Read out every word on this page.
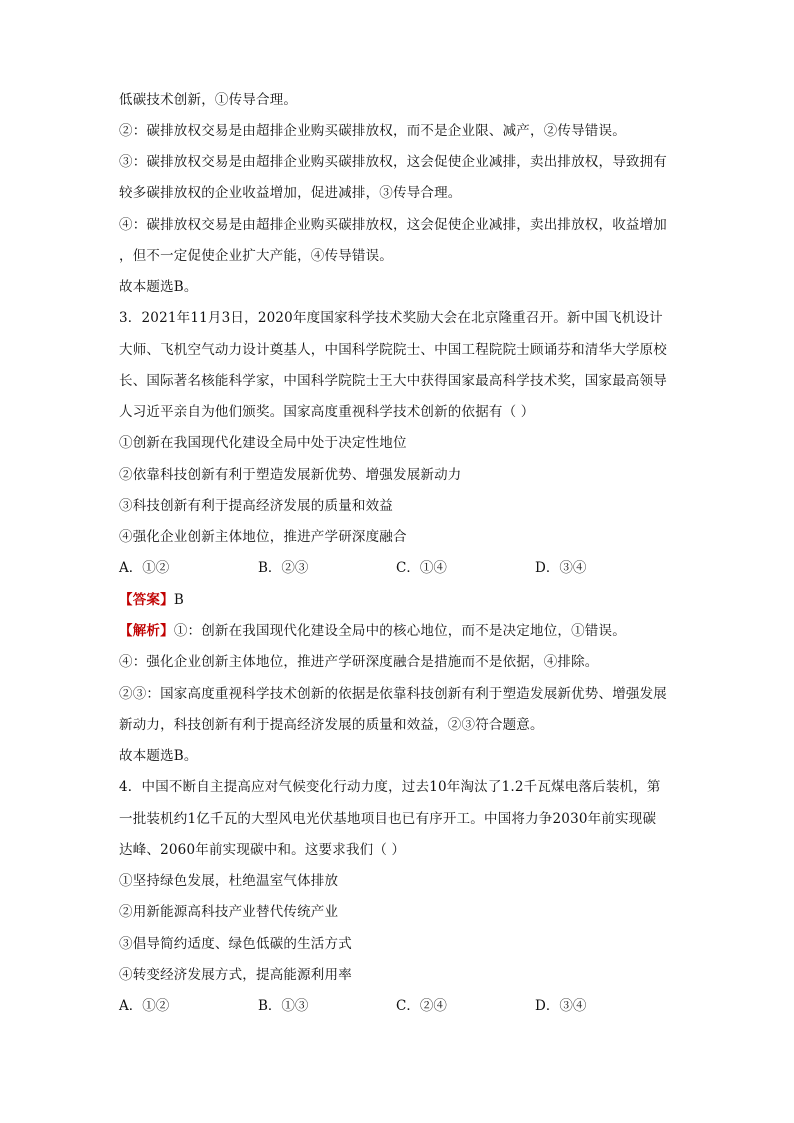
低碳技术创新，①传导合理。
②：碳排放权交易是由超排企业购买碳排放权，而不是企业限、减产，②传导错误。
③：碳排放权交易是由超排企业购买碳排放权，这会促使企业减排，卖出排放权，导致拥有
较多碳排放权的企业收益增加，促进减排，③传导合理。
④：碳排放权交易是由超排企业购买碳排放权，这会促使企业减排，卖出排放权，收益增加
，但不一定促使企业扩大产能，④传导错误。
故本题选B。
3．2021年11月3日，2020年度国家科学技术奖励大会在北京隆重召开。新中国飞机设计
大师、飞机空气动力设计奠基人，中国科学院院士、中国工程院院士顾诵芬和清华大学原校
长、国际著名核能科学家，中国科学院院士王大中获得国家最高科学技术奖，国家最高领导
人习近平亲自为他们颁奖。国家高度重视科学技术创新的依据有（ ）
①创新在我国现代化建设全局中处于决定性地位
②依靠科技创新有利于塑造发展新优势、增强发展新动力
③科技创新有利于提高经济发展的质量和效益
④强化企业创新主体地位，推进产学研深度融合
A．①②	B．②③	C．①④	D．③④
【答案】B
【解析】①：创新在我国现代化建设全局中的核心地位，而不是决定地位，①错误。
④：强化企业创新主体地位，推进产学研深度融合是措施而不是依据，④排除。
②③：国家高度重视科学技术创新的依据是依靠科技创新有利于塑造发展新优势、增强发展
新动力，科技创新有利于提高经济发展的质量和效益，②③符合题意。
故本题选B。
4．中国不断自主提高应对气候变化行动力度，过去10年淘汰了1.2千瓦煤电落后装机，第
一批装机约1亿千瓦的大型风电光伏基地项目也已有序开工。中国将力争2030年前实现碳
达峰、2060年前实现碳中和。这要求我们（ ）
①坚持绿色发展，杜绝温室气体排放
②用新能源高科技产业替代传统产业
③倡导简约适度、绿色低碳的生活方式
④转变经济发展方式，提高能源利用率
A．①②	B．①③	C．②④	D．③④
